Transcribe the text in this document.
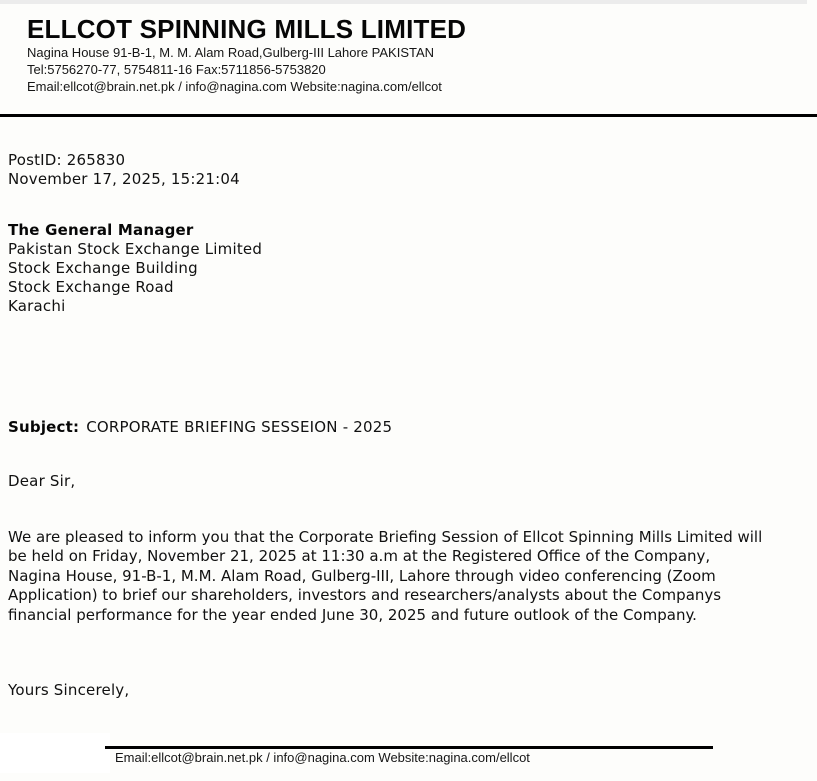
ELLCOT SPINNING MILLS LIMITED
Nagina House 91-B-1, M. M. Alam Road,Gulberg-III Lahore PAKISTAN
Tel:5756270-77, 5754811-16 Fax:5711856-5753820
Email:ellcot@brain.net.pk / info@nagina.com Website:nagina.com/ellcot
PostID: 265830
November 17, 2025, 15:21:04
The General Manager
Pakistan Stock Exchange Limited
Stock Exchange Building
Stock Exchange Road
Karachi
Subject: CORPORATE BRIEFING SESSEION - 2025
Dear Sir,
We are pleased to inform you that the Corporate Briefing Session of Ellcot Spinning Mills Limited will
be held on Friday, November 21, 2025 at 11:30 a.m at the Registered Office of the Company,
Nagina House, 91-B-1, M.M. Alam Road, Gulberg-III, Lahore through video conferencing (Zoom
Application) to brief our shareholders, investors and researchers/analysts about the Companys
financial performance for the year ended June 30, 2025 and future outlook of the Company.
Yours Sincerely,
Email:ellcot@brain.net.pk / info@nagina.com Website:nagina.com/ellcot
